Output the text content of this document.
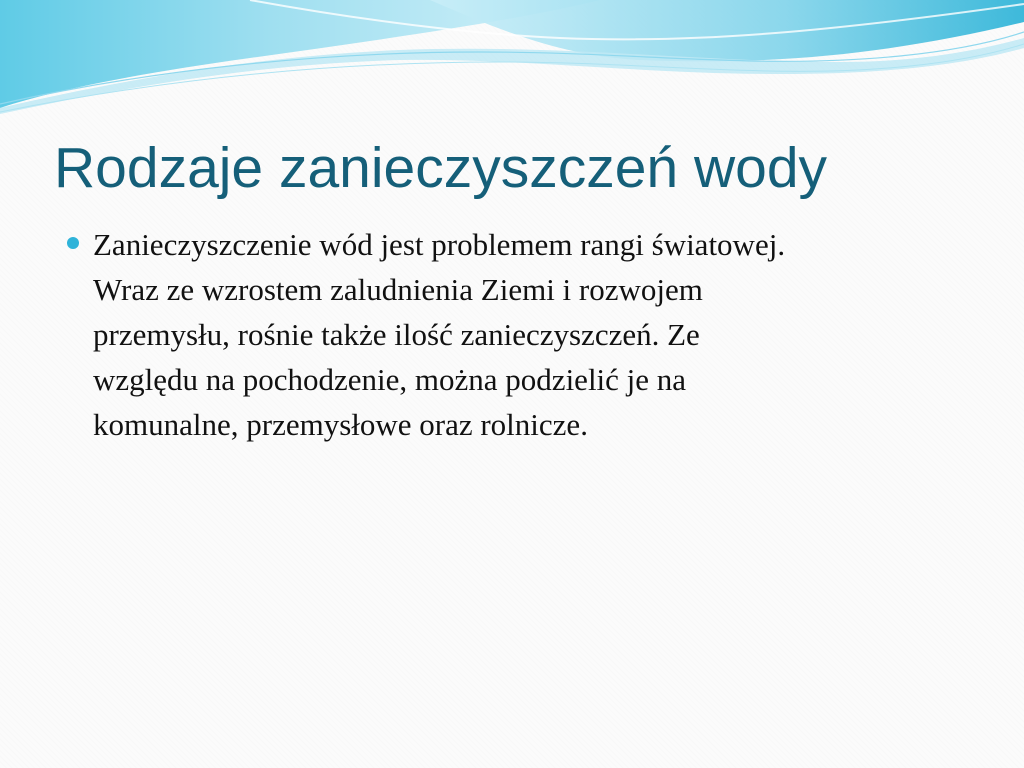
Rodzaje zanieczyszczeń wody
Zanieczyszczenie wód jest problemem rangi światowej.
Wraz ze wzrostem zaludnienia Ziemi i rozwojem
przemysłu, rośnie także ilość zanieczyszczeń. Ze
względu na pochodzenie, można podzielić je na
komunalne, przemysłowe oraz rolnicze.
